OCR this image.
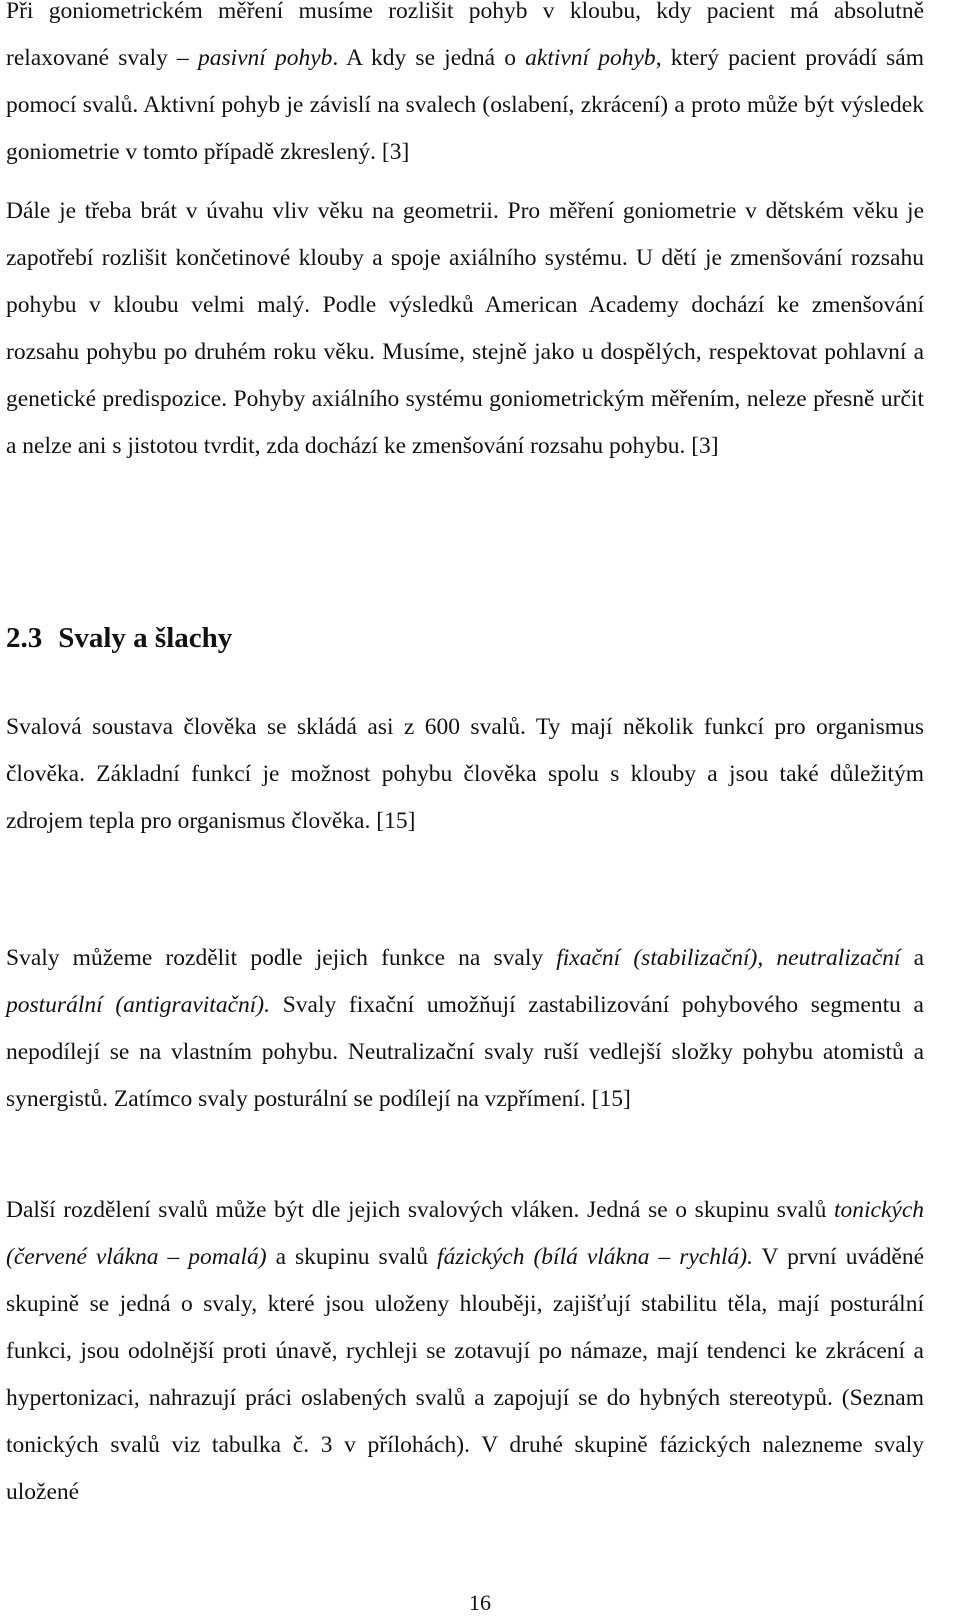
Při goniometrickém měření musíme rozlišit pohyb v kloubu, kdy pacient má absolutně relaxované svaly – pasivní pohyb. A kdy se jedná o aktivní pohyb, který pacient provádí sám pomocí svalů. Aktivní pohyb je závislí na svalech (oslabení, zkrácení) a proto může být výsledek goniometrie v tomto případě zkreslený. [3]

Dále je třeba brát v úvahu vliv věku na geometrii. Pro měření goniometrie v dětském věku je zapotřebí rozlišit končetinové klouby a spoje axiálního systému. U dětí je zmenšování rozsahu pohybu v kloubu velmi malý. Podle výsledků American Academy dochází ke zmenšování rozsahu pohybu po druhém roku věku. Musíme, stejně jako u dospělých, respektovat pohlavní a genetické predispozice. Pohyby axiálního systému goniometrickým měřením, neleze přesně určit a nelze ani s jistotou tvrdit, zda dochází ke zmenšování rozsahu pohybu. [3]

2.3 Svaly a šlachy

Svalová soustava člověka se skládá asi z 600 svalů. Ty mají několik funkcí pro organismus člověka. Základní funkcí je možnost pohybu člověka spolu s klouby a jsou také důležitým zdrojem tepla pro organismus člověka. [15]

Svaly můžeme rozdělit podle jejich funkce na svaly fixační (stabilizační), neutralizační a posturální (antigravitační). Svaly fixační umožňují zastabilizování pohybového segmentu a nepodílejí se na vlastním pohybu. Neutralizační svaly ruší vedlejší složky pohybu atomistů a synergistů. Zatímco svaly posturální se podílejí na vzpřímení. [15]

Další rozdělení svalů může být dle jejich svalových vláken. Jedná se o skupinu svalů tonických (červené vlákna – pomalá) a skupinu svalů fázických (bílá vlákna – rychlá). V první uváděné skupině se jedná o svaly, které jsou uloženy hlouběji, zajišťují stabilitu těla, mají posturální funkci, jsou odolnější proti únavě, rychleji se zotavují po námaze, mají tendenci ke zkrácení a hypertonizaci, nahrazují práci oslabených svalů a zapojují se do hybných stereotypů. (Seznam tonických svalů viz tabulka č. 3 v přílohách). V druhé skupině fázických nalezneme svaly uložené

16
